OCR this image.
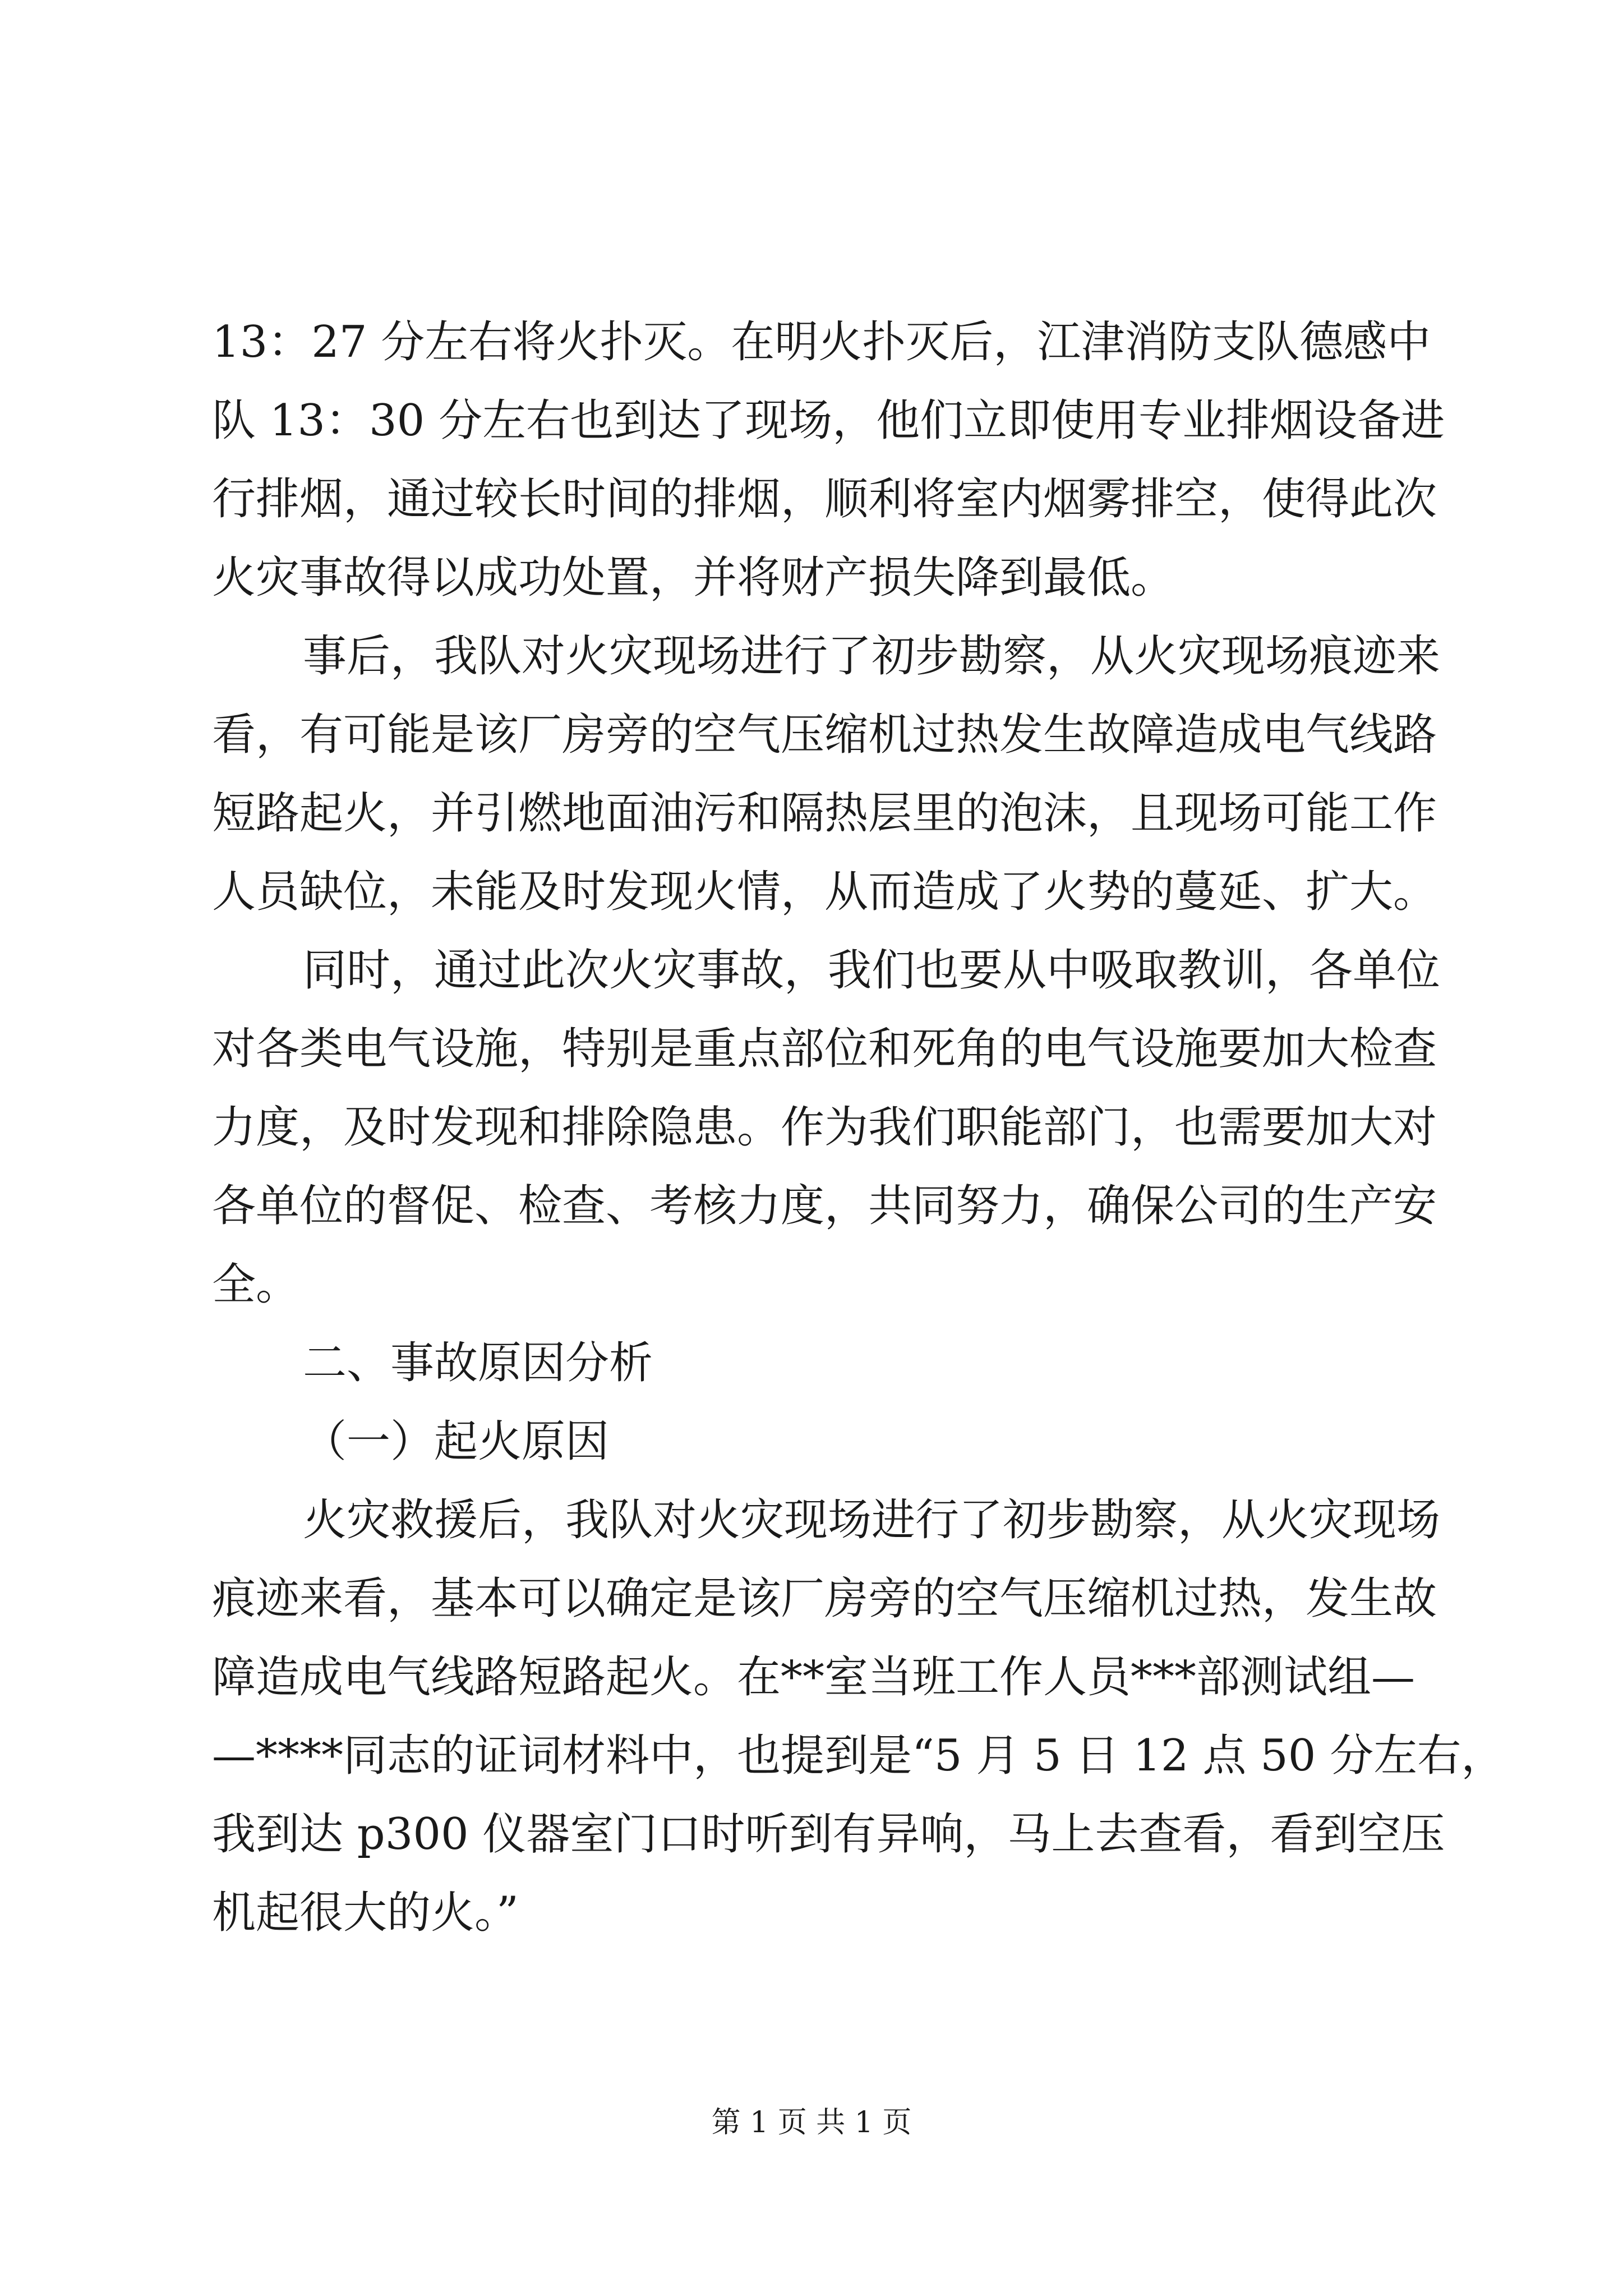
13：27 分左右将火扑灭。在明火扑灭后，江津消防支队德感中
队 13：30 分左右也到达了现场，他们立即使用专业排烟设备进
行排烟，通过较长时间的排烟，顺利将室内烟雾排空，使得此次
火灾事故得以成功处置，并将财产损失降到最低。
事后，我队对火灾现场进行了初步勘察，从火灾现场痕迹来
看，有可能是该厂房旁的空气压缩机过热发生故障造成电气线路
短路起火，并引燃地面油污和隔热层里的泡沫，且现场可能工作
人员缺位，未能及时发现火情，从而造成了火势的蔓延、扩大。
同时，通过此次火灾事故，我们也要从中吸取教训，各单位
对各类电气设施，特别是重点部位和死角的电气设施要加大检查
力度，及时发现和排除隐患。作为我们职能部门，也需要加大对
各单位的督促、检查、考核力度，共同努力，确保公司的生产安
全。
二、事故原因分析
（一）起火原因
火灾救援后，我队对火灾现场进行了初步勘察，从火灾现场
痕迹来看，基本可以确定是该厂房旁的空气压缩机过热，发生故
障造成电气线路短路起火。在**室当班工作人员***部测试组—
—****同志的证词材料中，也提到是“5 月 5 日 12 点 50 分左右，
我到达 p300 仪器室门口时听到有异响，马上去查看，看到空压
机起很大的火。”
第 1 页 共 1 页
